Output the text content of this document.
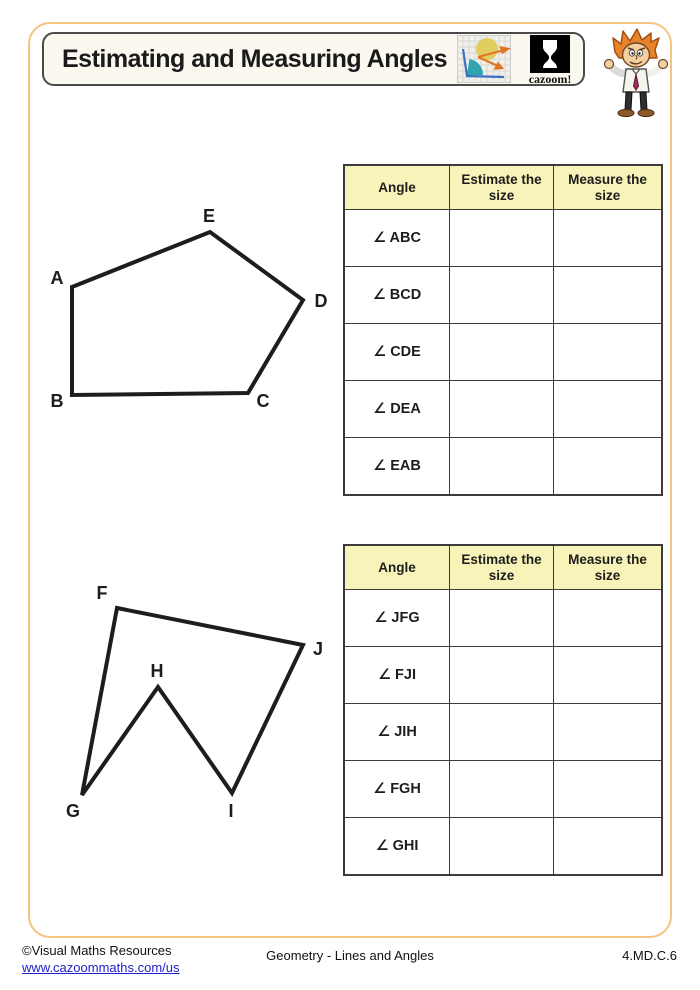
Estimating and Measuring Angles
cazoom!
A
B	C
D
E
F
J
I
H
G
Angle	Estimate the size	Measure the size
∠ ABC		
∠ BCD		
∠ CDE		
∠ DEA		
∠ EAB		
Angle	Estimate the size	Measure the size
∠ JFG		
∠ FJI		
∠ JIH		
∠ FGH		
∠ GHI		
©Visual Maths Resources
www.cazoommaths.com/us
Geometry - Lines and Angles	4.MD.C.6
